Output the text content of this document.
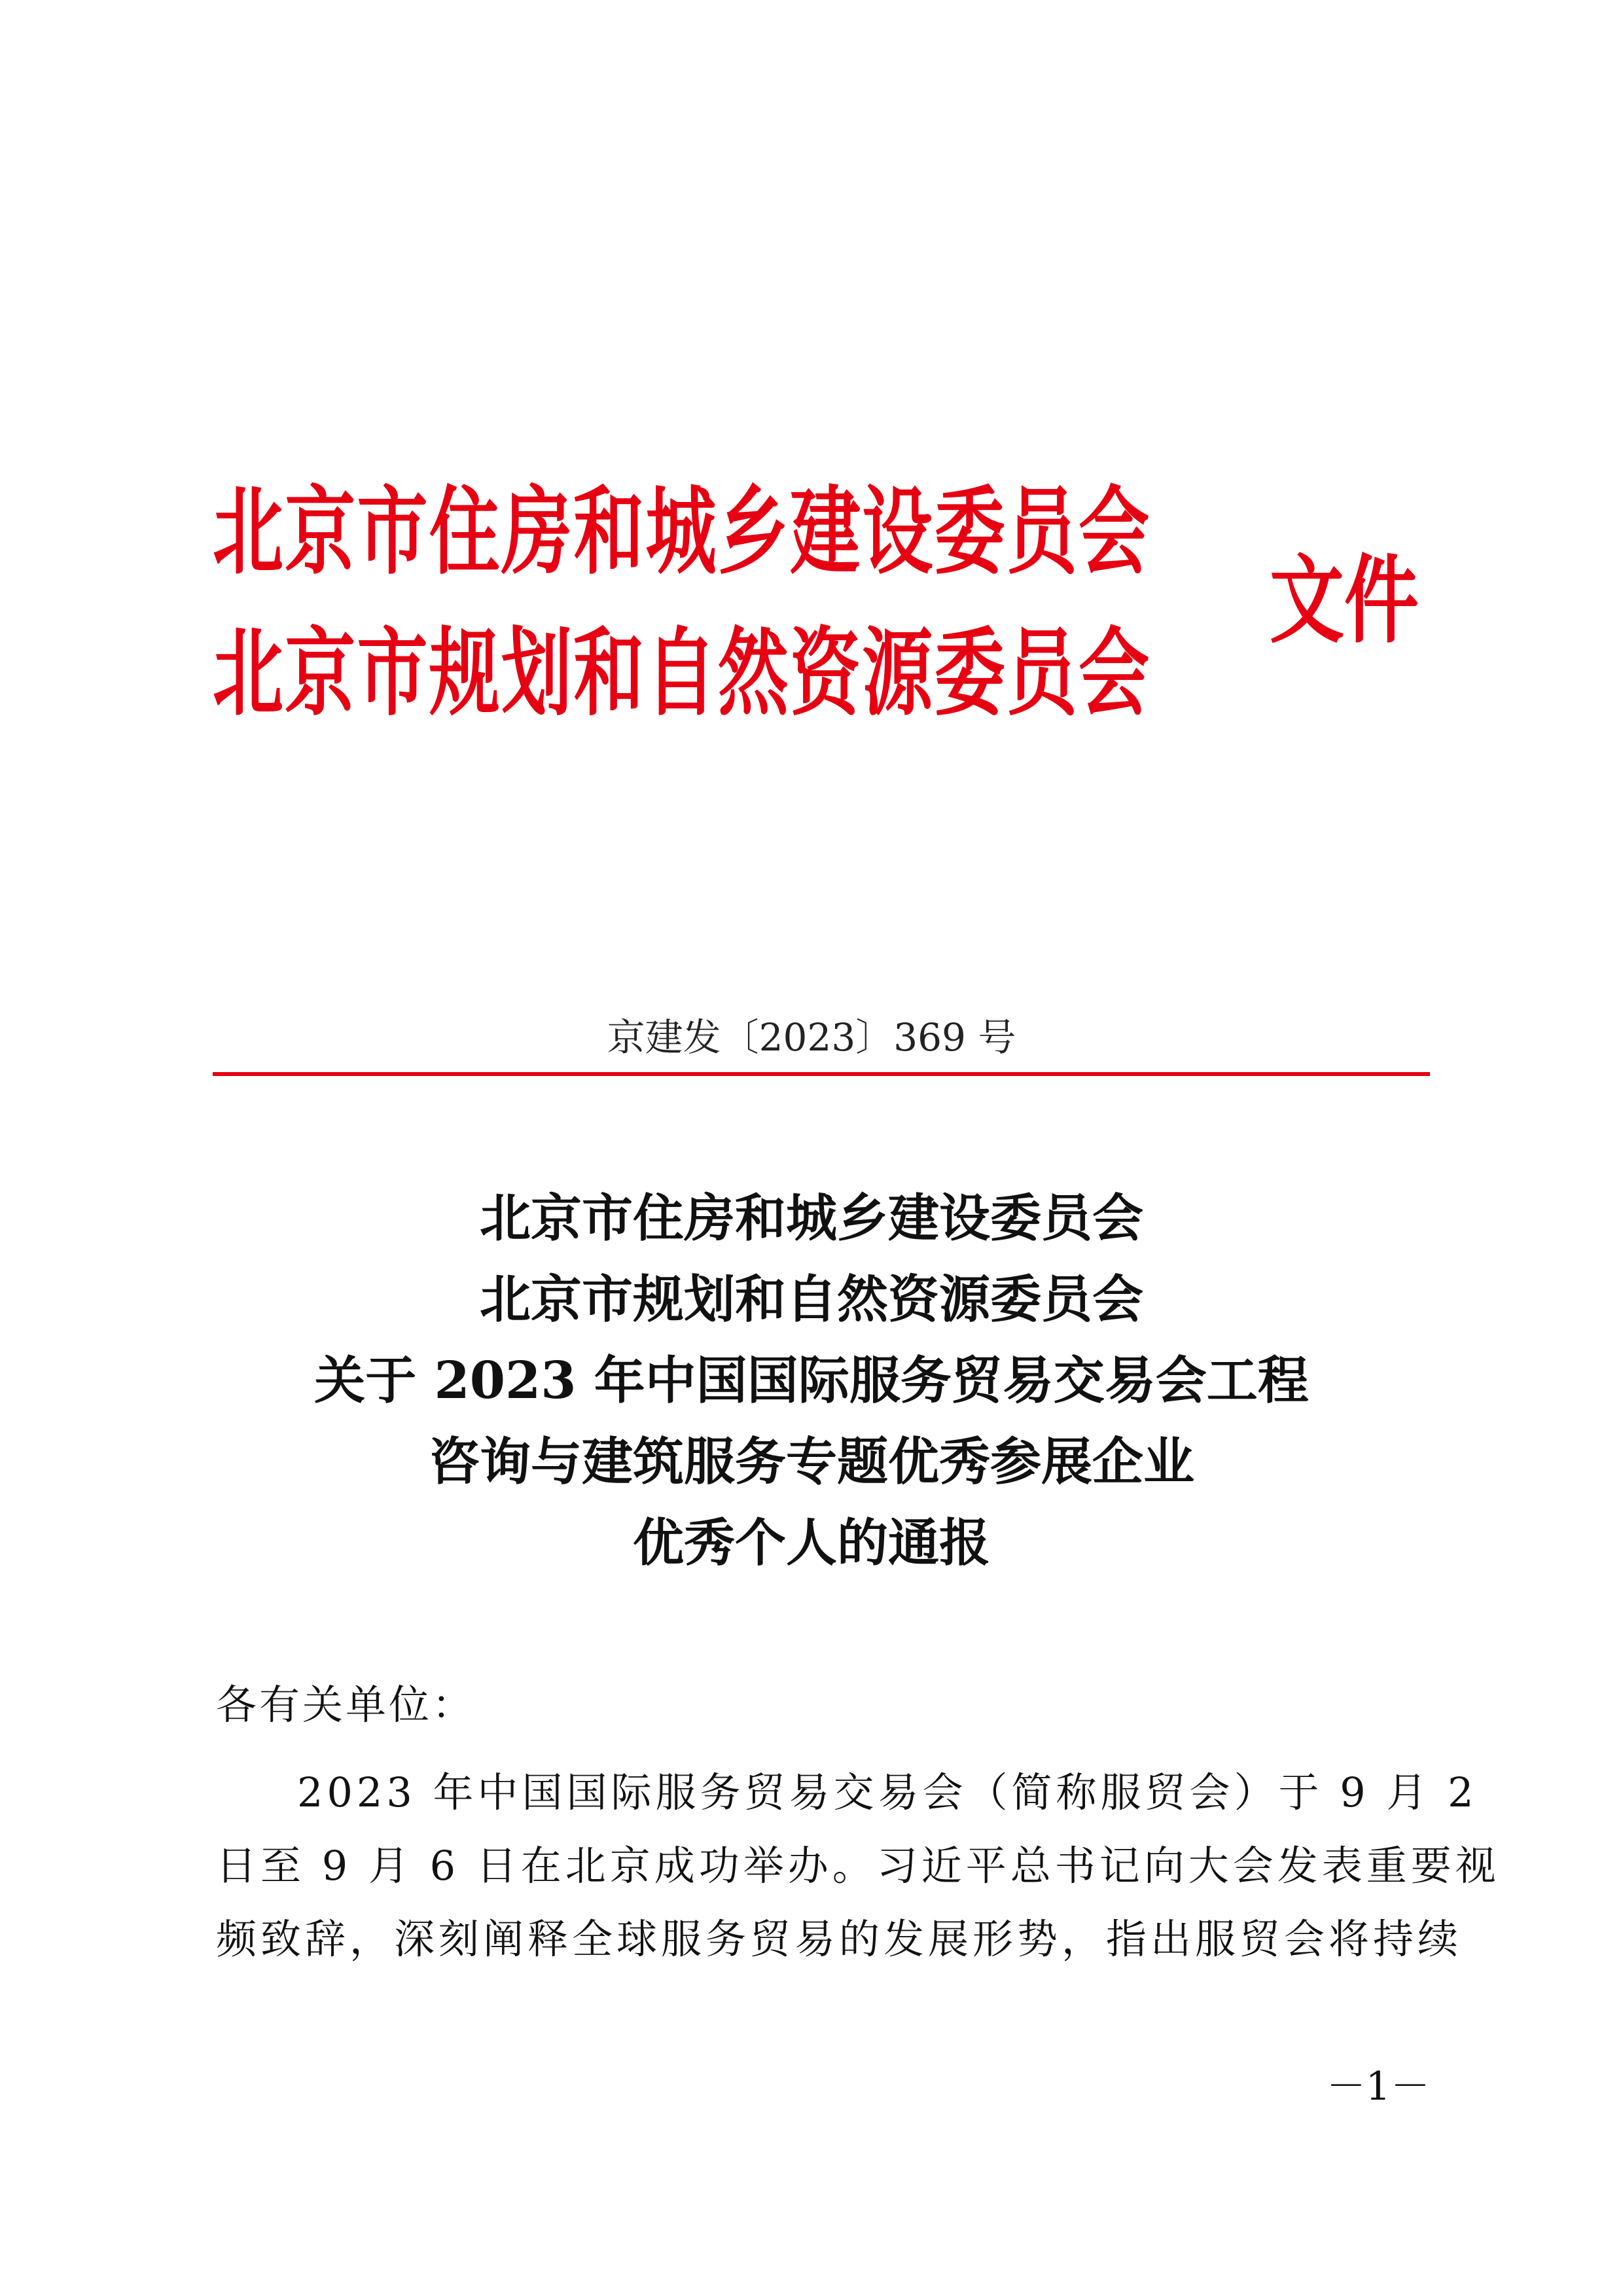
北京市住房和城乡建设委员会
北京市规划和自然资源委员会
文件
京建发〔2023〕369 号
北京市住房和城乡建设委员会
北京市规划和自然资源委员会
关于 2023 年中国国际服务贸易交易会工程
咨询与建筑服务专题优秀参展企业
优秀个人的通报
各有关单位：
2023 年中国国际服务贸易交易会（简称服贸会）于 9 月 2
日至 9 月 6 日在北京成功举办。习近平总书记向大会发表重要视
频致辞，深刻阐释全球服务贸易的发展形势，指出服贸会将持续
－1－
